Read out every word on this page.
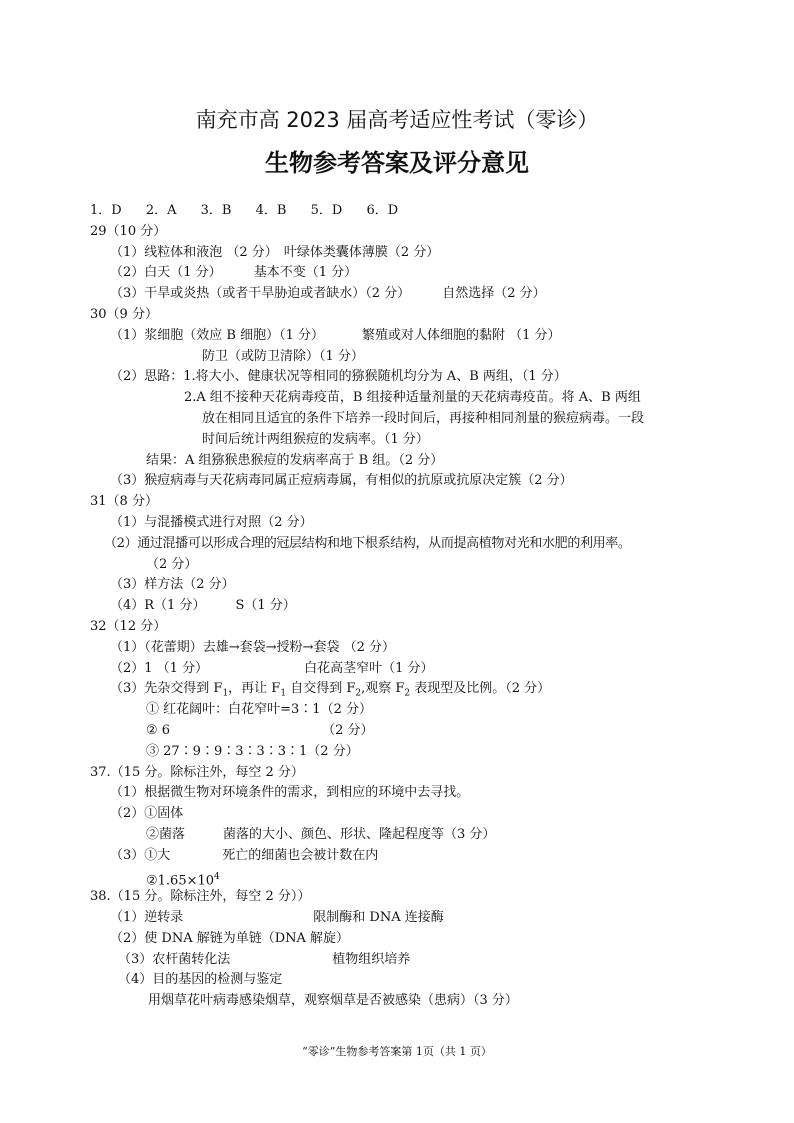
南充市高 2023 届高考适应性考试（零诊）
生物参考答案及评分意见
1．D 2．A 3．B 4．B 5．D 6．D
29（10 分）
（1）线粒体和液泡 （2 分） 叶绿体类囊体薄膜（2 分）
（2）白天（1 分） 基本不变（1 分）
（3）干旱或炎热（或者干旱胁迫或者缺水）（2 分） 自然选择（2 分）
30（9 分）
（1）浆细胞（效应 B 细胞）（1 分）	繁殖或对人体细胞的黏附 （1 分）
防卫（或防卫清除）（1 分）
（2）思路：1.将大小、健康状况等相同的猕猴随机均分为 A、B 两组，（1 分）
2.A 组不接种天花病毒疫苗，B 组接种适量剂量的天花病毒疫苗。将 A、B 两组
放在相同且适宜的条件下培养一段时间后，再接种相同剂量的猴痘病毒。一段
时间后统计两组猴痘的发病率。（1 分）
结果：A 组猕猴患猴痘的发病率高于 B 组。（2 分）
（3）猴痘病毒与天花病毒同属正痘病毒属，有相似的抗原或抗原决定簇（2 分）
31（8 分）
（1）与混播模式进行对照（2 分）
（2）通过混播可以形成合理的冠层结构和地下根系结构，从而提高植物对光和水肥的利用率。
（2 分）
（3）样方法（2 分）
（4）R（1 分） S（1 分）
32（12 分）
（1）（花蕾期）去雄→套袋→授粉→套袋 （2 分）
（2）1 （1 分）	白花高茎窄叶（1 分）
（3）先杂交得到 $F_1$，再让 $F_1$ 自交得到 $F_2$,观察 $F_2$ 表现型及比例。（2 分）
① 红花阔叶：白花窄叶=3∶1（2 分）
② 6	（2 分）
③ 27∶9∶9∶3∶3∶3∶1（2 分）
37.（15 分。除标注外，每空 2 分）
（1）根据微生物对环境条件的需求，到相应的环境中去寻找。
（2）①固体
②菌落	菌落的大小、颜色、形状、隆起程度等（3 分）
（3）①大	死亡的细菌也会被计数在内
$②1.65\times 10^4$
38.（15 分。除标注外，每空 2 分））
（1）逆转录	限制酶和 DNA 连接酶
（2）使 DNA 解链为单链（DNA 解旋）
（3）农杆菌转化法	植物组织培养
（4）目的基因的检测与鉴定
用烟草花叶病毒感染烟草，观察烟草是否被感染（患病）（3 分）
“零诊”生物参考答案第 1页（共 1 页）
